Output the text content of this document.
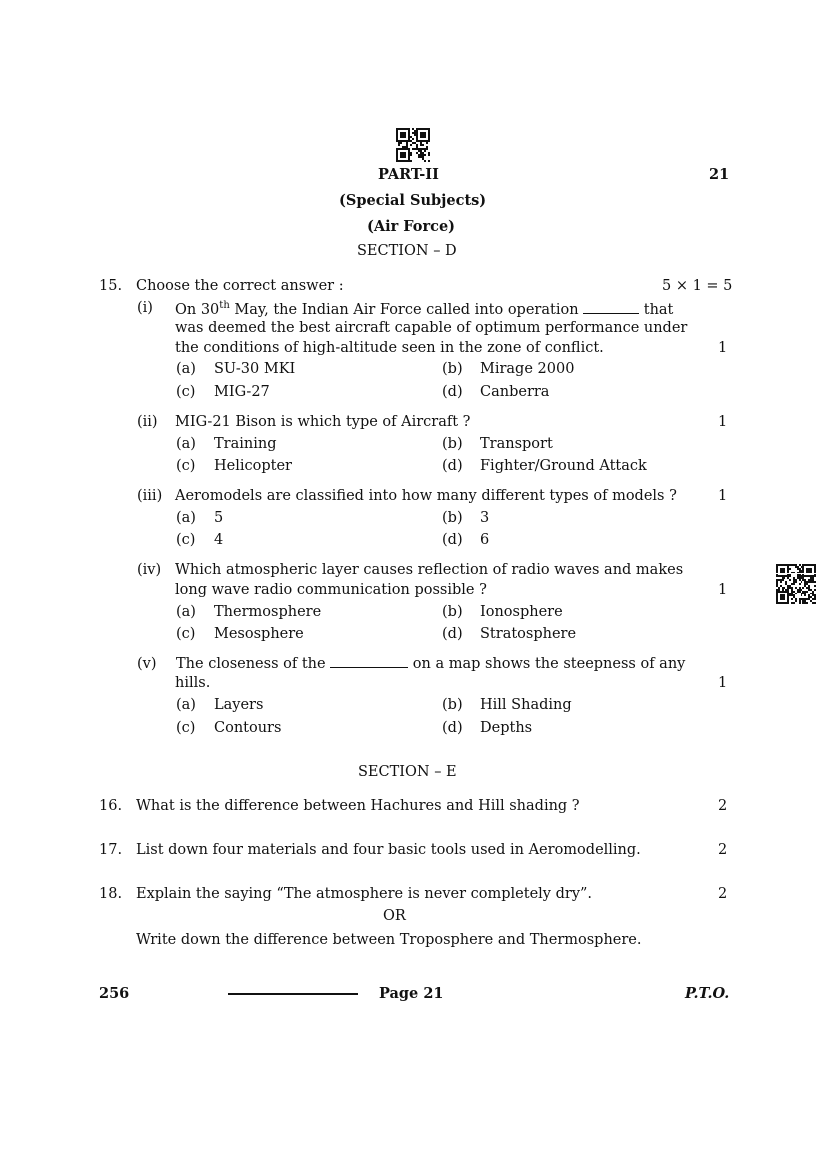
PART-II	21
(Special Subjects)
(Air Force)
SECTION – D
15. Choose the correct answer :	5 × 1 = 5
(i) On 30th May, the Indian Air Force called into operation	that
was deemed the best aircraft capable of optimum performance under
the conditions of high-altitude seen in the zone of conflict.	1
(a) SU-30 MKI	(b) Mirage 2000
(c) MIG-27	(d) Canberra
(ii) MIG-21 Bison is which type of Aircraft ?	1
(a) Training	(b) Transport
(c) Helicopter	(d) Fighter/Ground Attack
(iii) Aeromodels are classified into how many different types of models ?	1
(a) 5	(b) 3
(c) 4	(d) 6
(iv) Which atmospheric layer causes reflection of radio waves and makes
long wave radio communication possible ?	1
(a) Thermosphere	(b) Ionosphere
(c) Mesosphere	(d) Stratosphere
(v) The closeness of the	on a map shows the steepness of any
hills.	1
(a) Layers	(b) Hill Shading
(c) Contours	(d) Depths
SECTION – E
16. What is the difference between Hachures and Hill shading ?	2
17. List down four materials and four basic tools used in Aeromodelling.	2
18. Explain the saying “The atmosphere is never completely dry”.	2
OR
Write down the difference between Troposphere and Thermosphere.
256	Page 21	P.T.O.
